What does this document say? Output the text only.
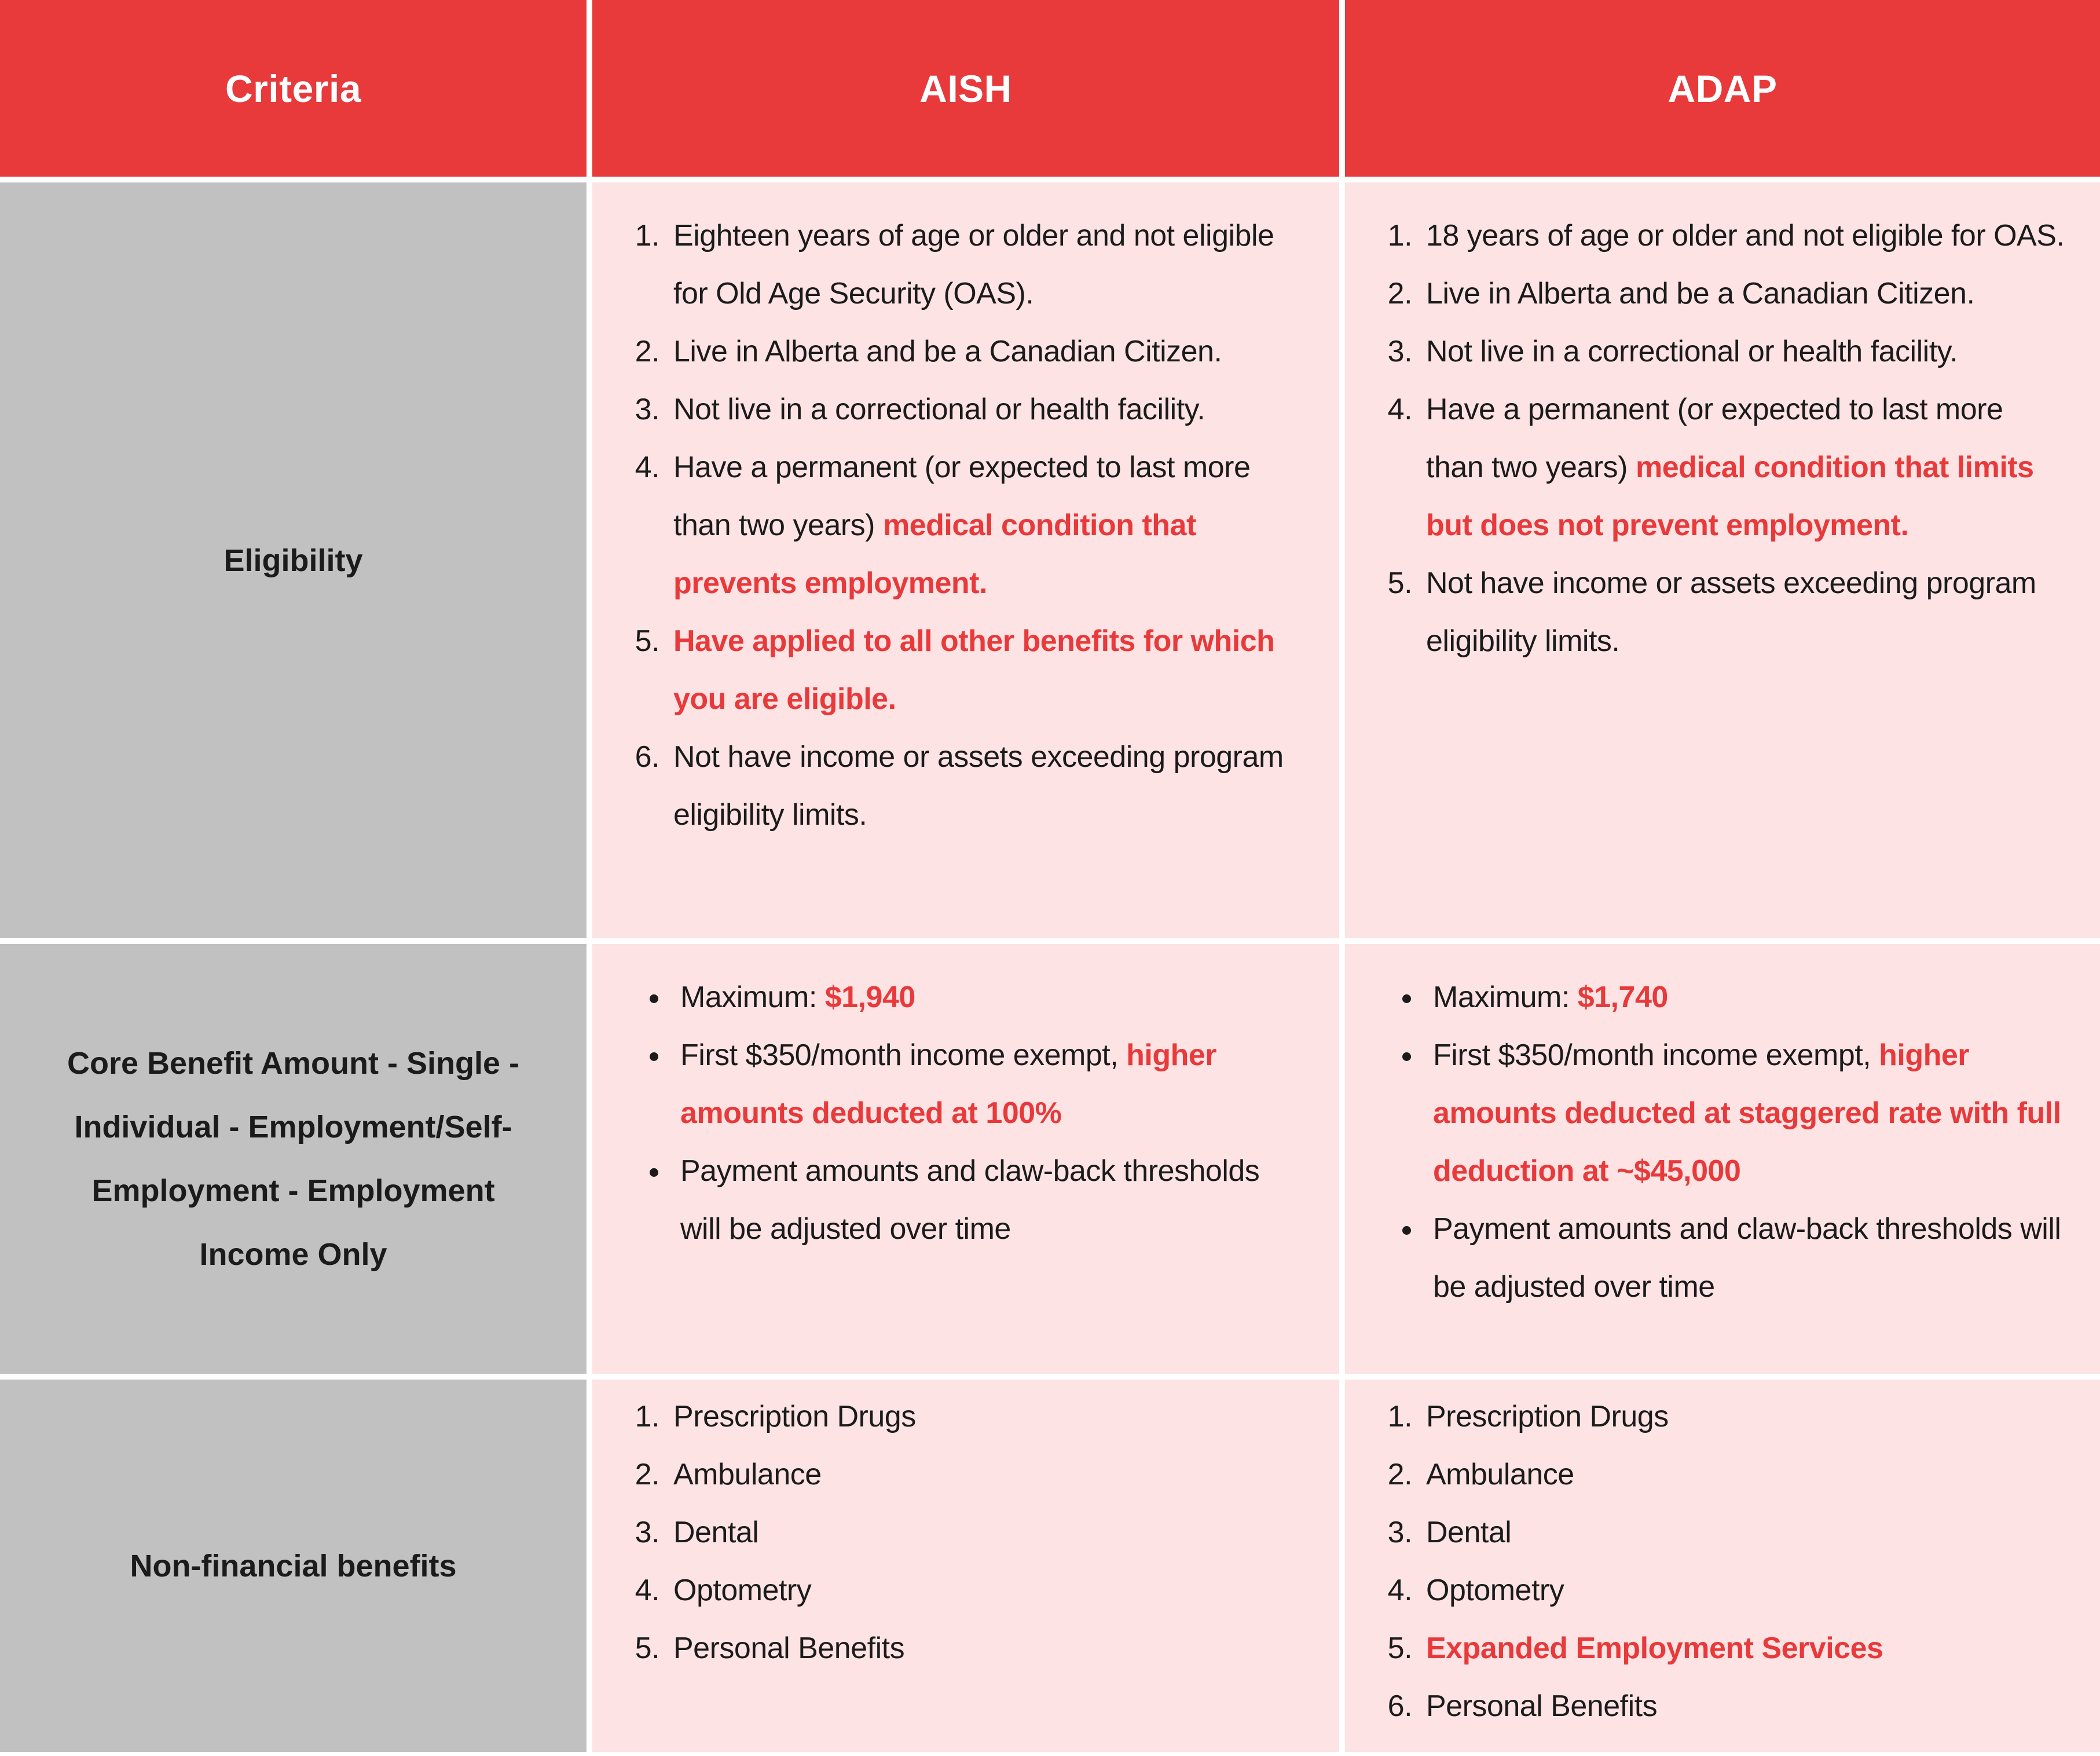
Criteria	AISH	ADAP
Eligibility
1. Eighteen years of age or older and not eligible for Old Age Security (OAS).
2. Live in Alberta and be a Canadian Citizen.
3. Not live in a correctional or health facility.
4. Have a permanent (or expected to last more than two years) medical condition that prevents employment.
5. Have applied to all other benefits for which you are eligible.
6. Not have income or assets exceeding program eligibility limits.
1. 18 years of age or older and not eligible for OAS.
2. Live in Alberta and be a Canadian Citizen.
3. Not live in a correctional or health facility.
4. Have a permanent (or expected to last more than two years) medical condition that limits but does not prevent employment.
5. Not have income or assets exceeding program eligibility limits.
Core Benefit Amount - Single - Individual - Employment/Self-Employment - Employment Income Only
• Maximum: $1,940
• First $350/month income exempt, higher amounts deducted at 100%
• Payment amounts and claw-back thresholds will be adjusted over time
• Maximum: $1,740
• First $350/month income exempt, higher amounts deducted at staggered rate with full deduction at ~$45,000
• Payment amounts and claw-back thresholds will be adjusted over time
Non-financial benefits
1. Prescription Drugs
2. Ambulance
3. Dental
4. Optometry
5. Personal Benefits
1. Prescription Drugs
2. Ambulance
3. Dental
4. Optometry
5. Expanded Employment Services
6. Personal Benefits
